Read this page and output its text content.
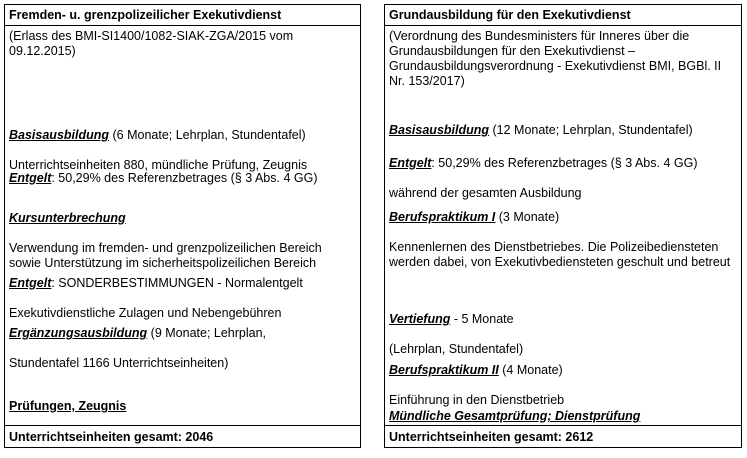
Fremden- u. grenzpolizeilicher Exekutivdienst
(Erlass des BMI-SI1400/1082-SIAK-ZGA/2015 vom 09.12.2015)

Basisausbildung (6 Monate; Lehrplan, Stundentafel)

Unterrichtseinheiten 880, mündliche Prüfung, Zeugnis

Entgelt: 50,29% des Referenzbetrages (§ 3 Abs. 4 GG)

Kursunterbrechung

Verwendung im fremden- und grenzpolizeilichen Bereich sowie Unterstützung im sicherheitspolizeilichen Bereich

Entgelt: SONDERBESTIMMUNGEN - Normalentgelt

Exekutivdienstliche Zulagen und Nebengebühren

Ergänzungsausbildung (9 Monate; Lehrplan,

Stundentafel 1166 Unterrichtseinheiten)

Prüfungen, Zeugnis

Unterrichtseinheiten gesamt: 2046
Grundausbildung für den Exekutivdienst
(Verordnung des Bundesministers für Inneres über die Grundausbildungen für den Exekutivdienst – Grundausbildungsverordnung - Exekutivdienst BMI, BGBl. II Nr. 153/2017)

Basisausbildung (12 Monate; Lehrplan, Stundentafel)

Entgelt: 50,29% des Referenzbetrages (§ 3 Abs. 4 GG)

während der gesamten Ausbildung

Berufspraktikum I (3 Monate)

Kennenlernen des Dienstbetriebes. Die Polizeibediensteten werden dabei, von Exekutivbediensteten geschult und betreut

Vertiefung - 5 Monate

(Lehrplan, Stundentafel)

Berufspraktikum II (4 Monate)

Einführung in den Dienstbetrieb

Mündliche Gesamtprüfung; Dienstprüfung

Unterrichtseinheiten gesamt: 2612
